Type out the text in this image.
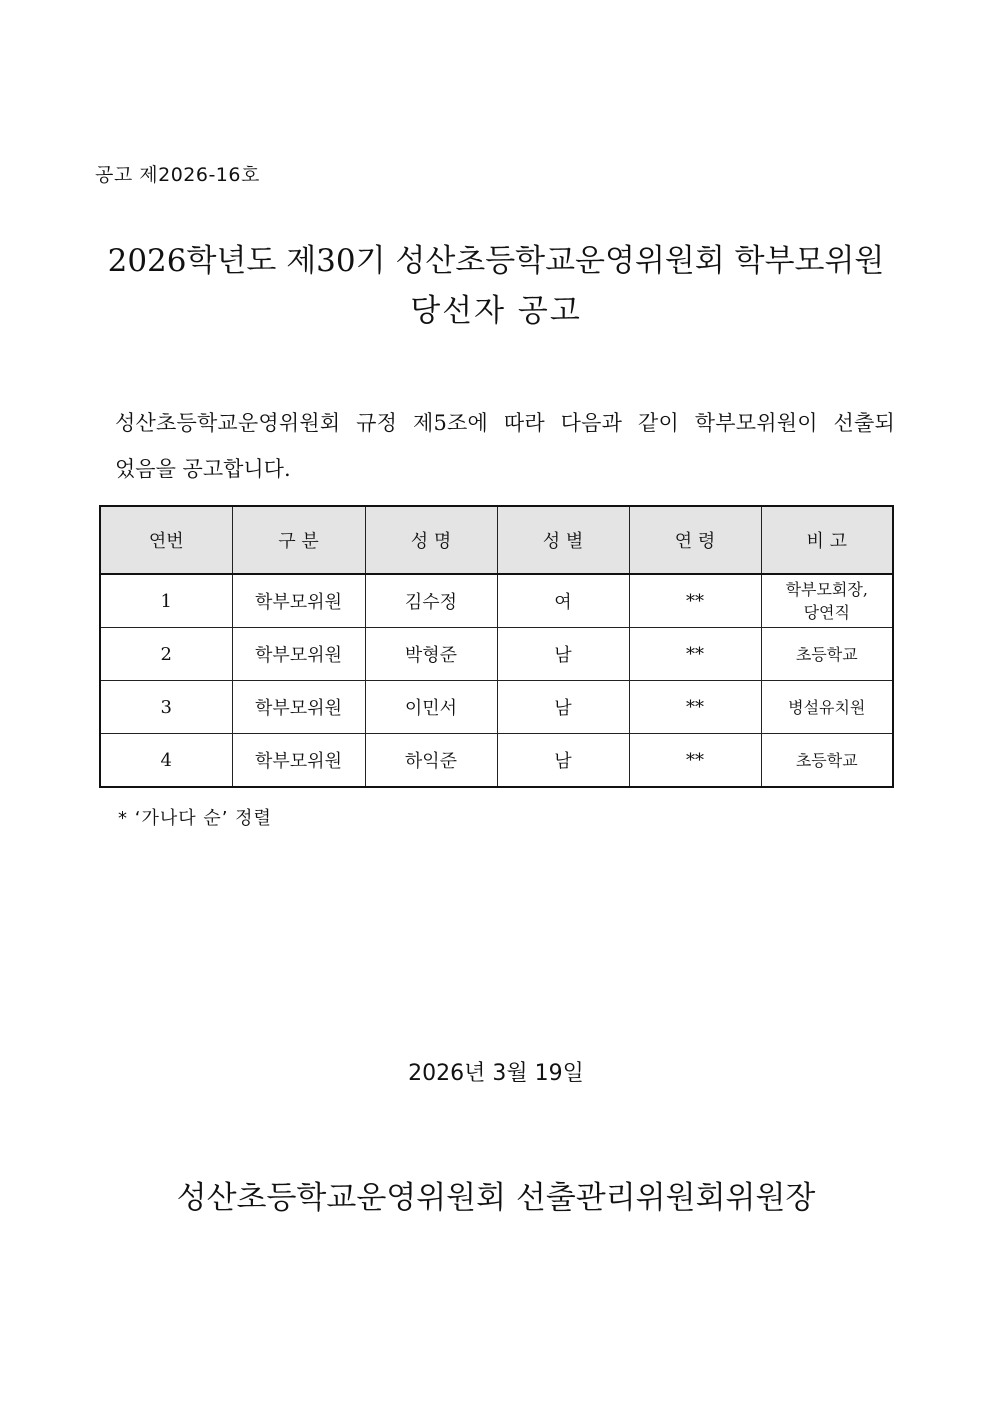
공고 제2026-16호
2026학년도 제30기 성산초등학교운영위원회 학부모위원
당선자 공고
성산초등학교운영위원회 규정 제5조에 따라 다음과 같이 학부모위원이 선출되
었음을 공고합니다.
연번	구 분	성 명	성 별	연 령	비 고
1	학부모위원	김수정	여	**	학부모회장,
당연직
2	학부모위원	박형준	남	**	초등학교
3	학부모위원	이민서	남	**	병설유치원
4	학부모위원	하익준	남	**	초등학교
* ‘가나다 순’ 정렬
2026년 3월 19일
성산초등학교운영위원회 선출관리위원회위원장
